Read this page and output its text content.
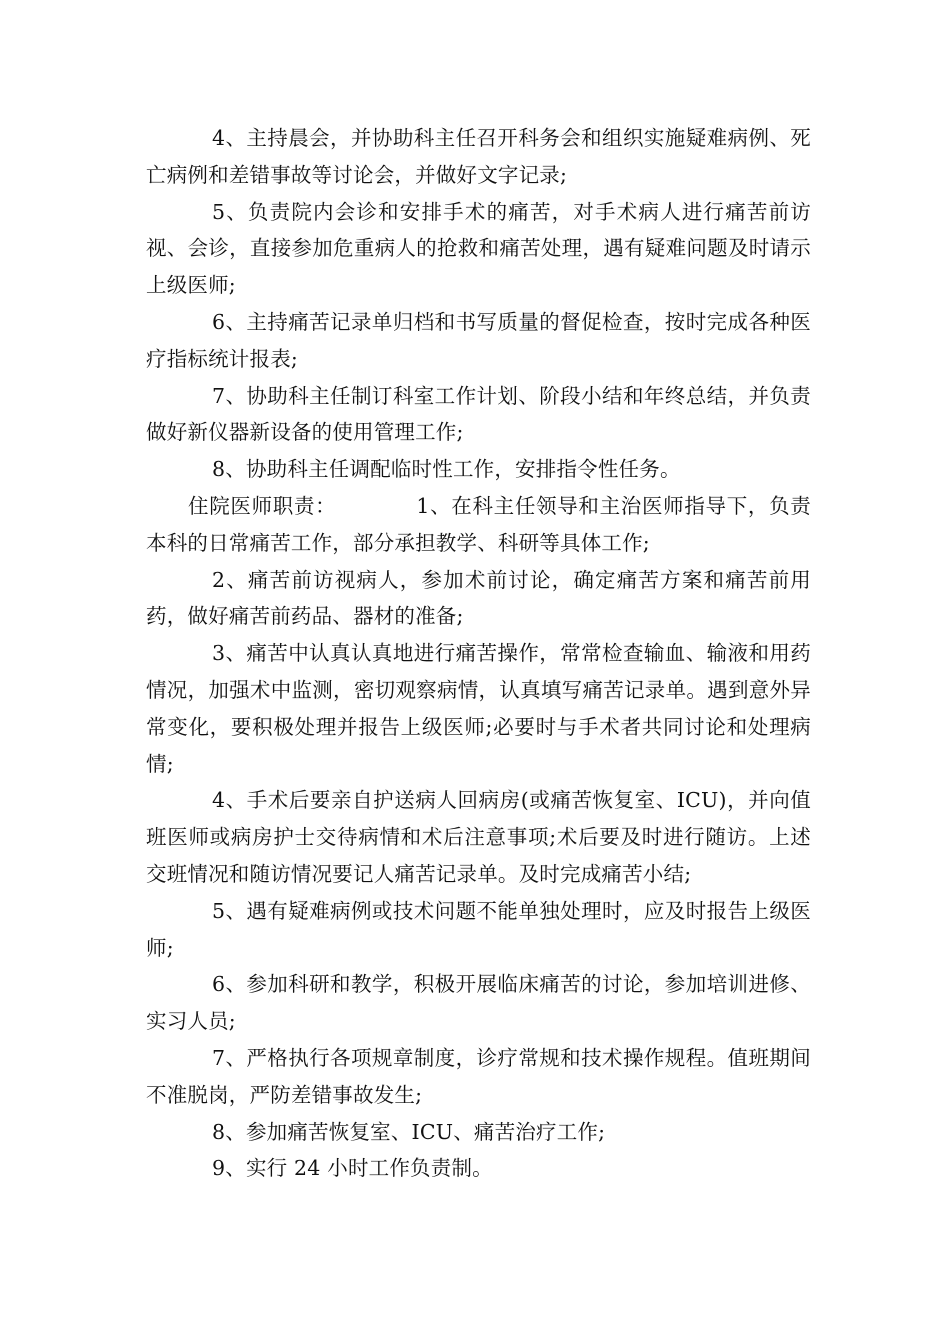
4、主持晨会，并协助科主任召开科务会和组织实施疑难病例、死亡病例和差错事故等讨论会，并做好文字记录;

5、负责院内会诊和安排手术的痛苦，对手术病人进行痛苦前访视、会诊，直接参加危重病人的抢救和痛苦处理，遇有疑难问题及时请示上级医师;

6、主持痛苦记录单归档和书写质量的督促检查，按时完成各种医疗指标统计报表;

7、协助科主任制订科室工作计划、阶段小结和年终总结，并负责做好新仪器新设备的使用管理工作;

8、协助科主任调配临时性工作，安排指令性任务。

住院医师职责：	1、在科主任领导和主治医师指导下，负责本科的日常痛苦工作，部分承担教学、科研等具体工作;

2、痛苦前访视病人，参加术前讨论，确定痛苦方案和痛苦前用药，做好痛苦前药品、器材的准备;

3、痛苦中认真认真地进行痛苦操作，常常检查输血、输液和用药情况，加强术中监测，密切观察病情，认真填写痛苦记录单。遇到意外异常变化，要积极处理并报告上级医师;必要时与手术者共同讨论和处理病情;

4、手术后要亲自护送病人回病房(或痛苦恢复室、ICU)，并向值班医师或病房护士交待病情和术后注意事项;术后要及时进行随访。上述交班情况和随访情况要记人痛苦记录单。及时完成痛苦小结;

5、遇有疑难病例或技术问题不能单独处理时，应及时报告上级医师;

6、参加科研和教学，积极开展临床痛苦的讨论，参加培训进修、实习人员;

7、严格执行各项规章制度，诊疗常规和技术操作规程。值班期间不准脱岗，严防差错事故发生;

8、参加痛苦恢复室、ICU、痛苦治疗工作;

9、实行 24 小时工作负责制。
